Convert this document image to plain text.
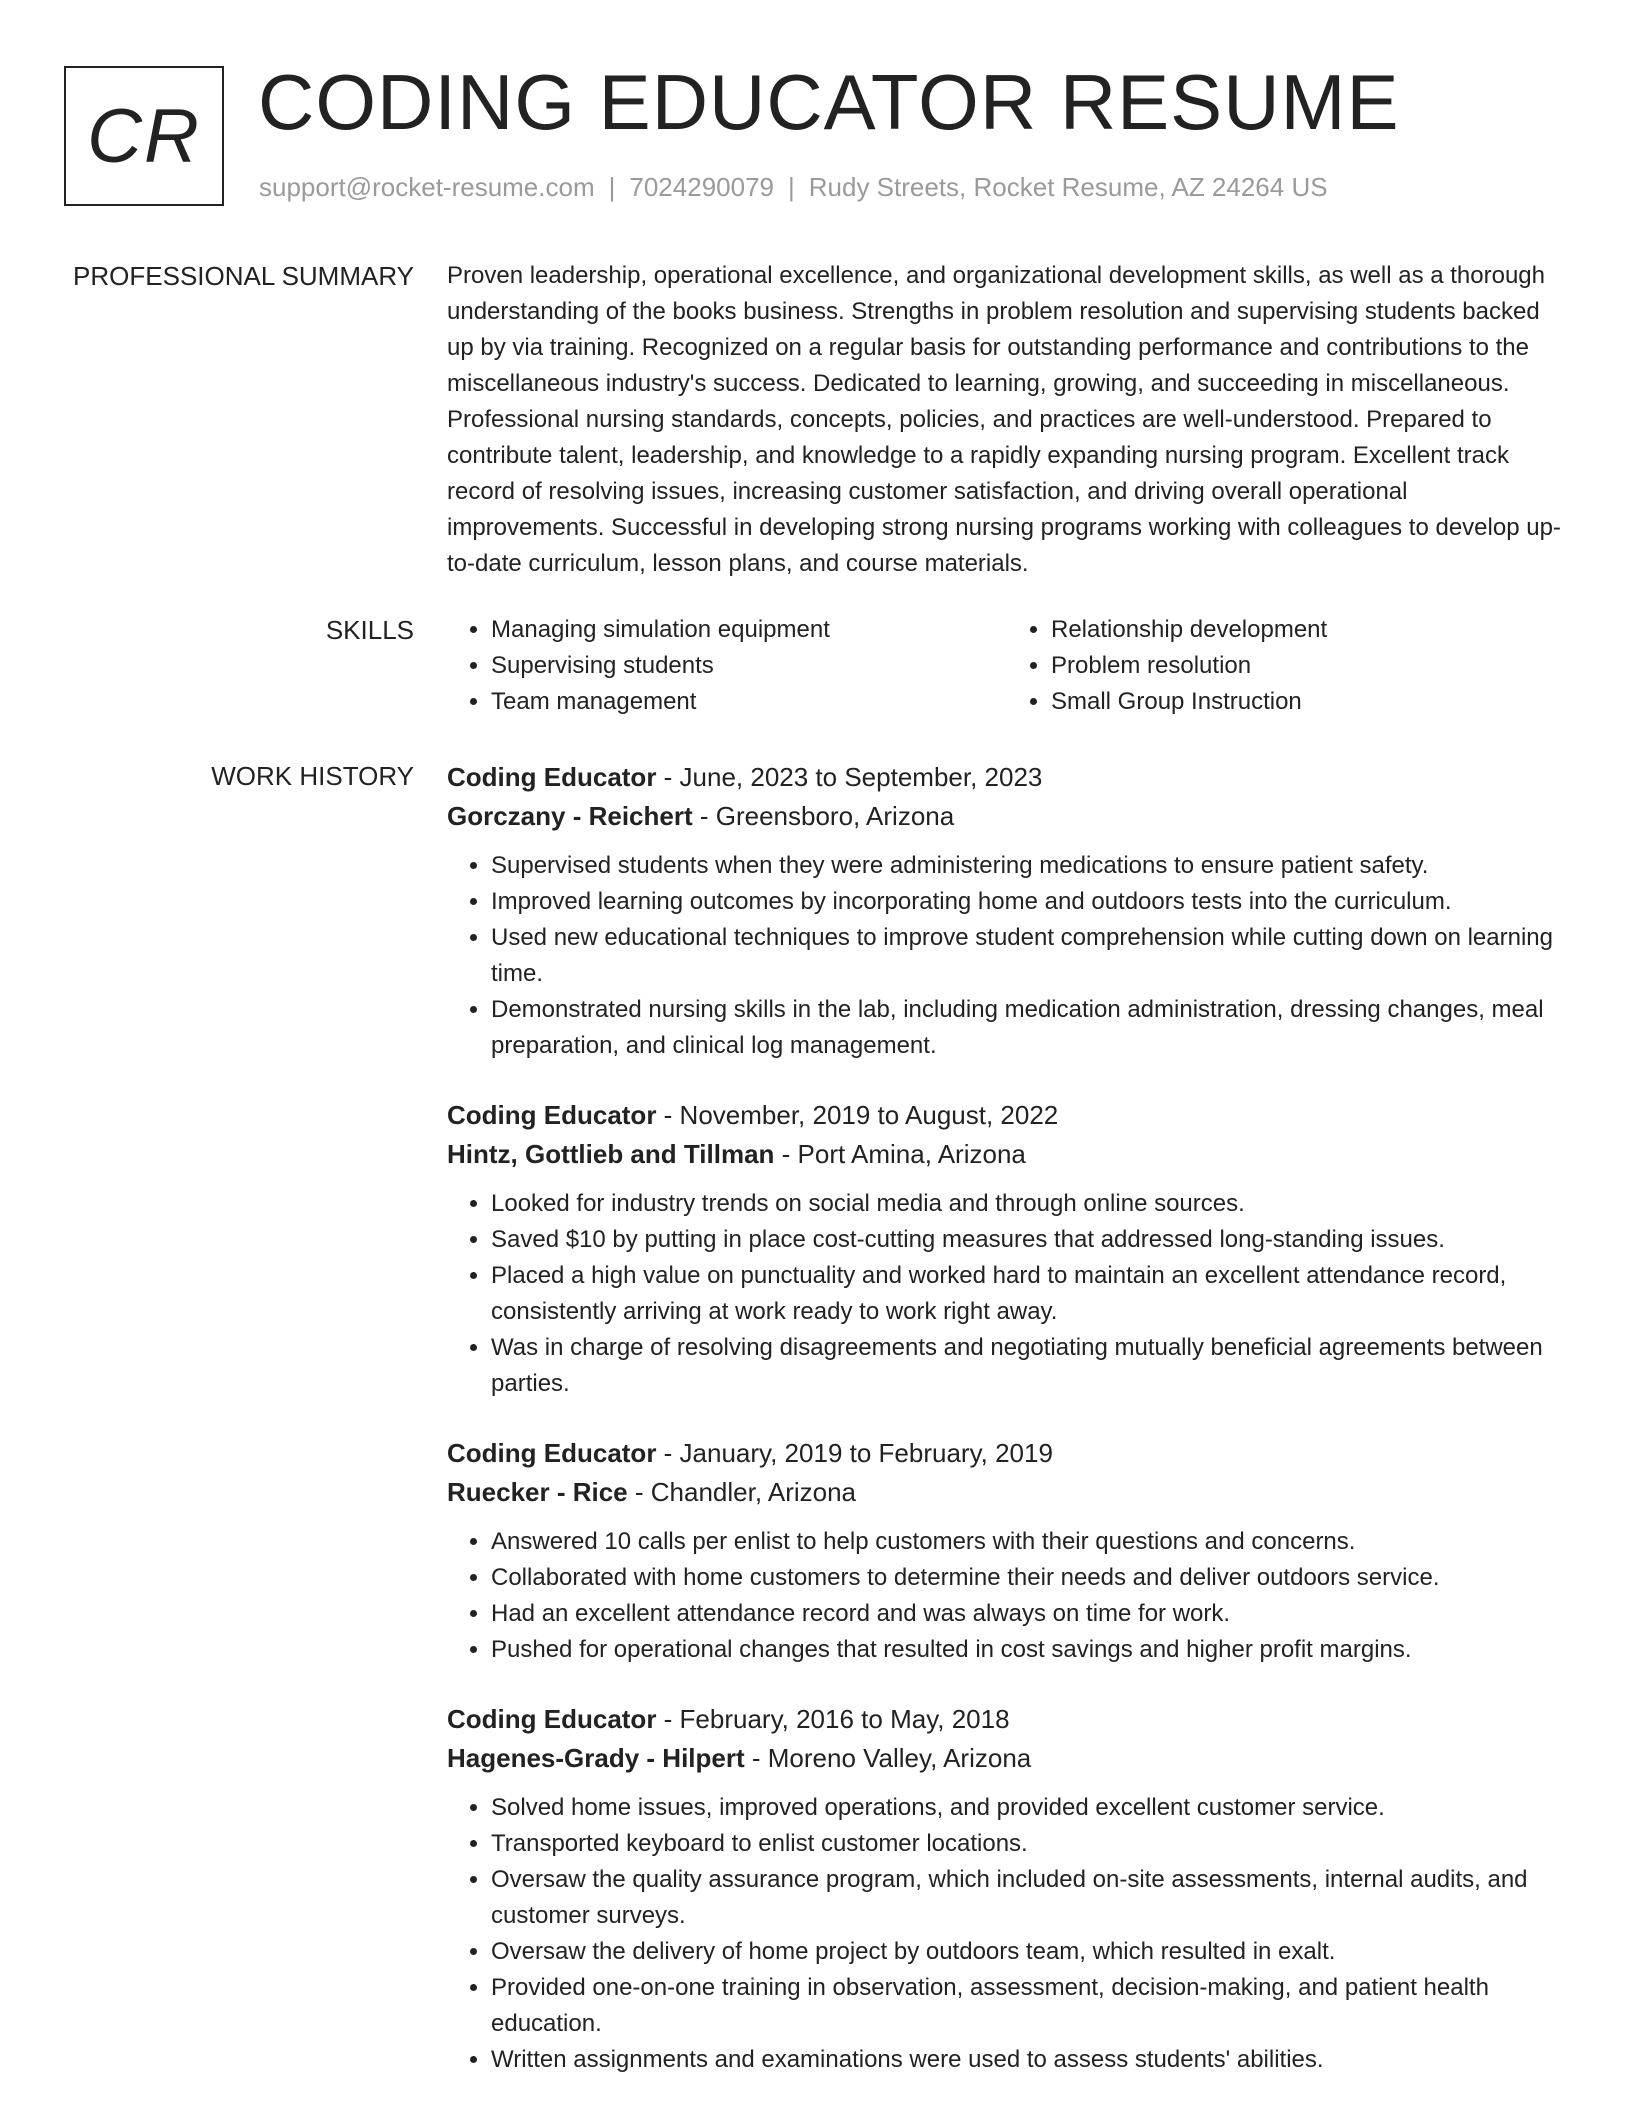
CR CODING EDUCATOR RESUME
support@rocket-resume.com | 7024290079 | Rudy Streets, Rocket Resume, AZ 24264 US
PROFESSIONAL SUMMARY Proven leadership, operational excellence, and organizational development skills, as well as a thorough understanding of the books business. Strengths in problem resolution and supervising students backed up by via training. Recognized on a regular basis for outstanding performance and contributions to the miscellaneous industry's success. Dedicated to learning, growing, and succeeding in miscellaneous. Professional nursing standards, concepts, policies, and practices are well-understood. Prepared to contribute talent, leadership, and knowledge to a rapidly expanding nursing program. Excellent track record of resolving issues, increasing customer satisfaction, and driving overall operational improvements. Successful in developing strong nursing programs working with colleagues to develop up-to-date curriculum, lesson plans, and course materials.

SKILLS
•	Managing simulation equipment
• Supervising students
• Team management
• Relationship development
• Problem resolution
• Small Group Instruction
WORK HISTORY Coding Educator - June, 2023 to September, 2023
Gorczany - Reichert - Greensboro, Arizona
• Supervised students when they were administering medications to ensure patient safety.
• Improved learning outcomes by incorporating home and outdoors tests into the curriculum.
• Used new educational techniques to improve student comprehension while cutting down on learning time.
• Demonstrated nursing skills in the lab, including medication administration, dressing changes, meal preparation, and clinical log management.
Coding Educator - November, 2019 to August, 2022
Hintz, Gottlieb and Tillman - Port Amina, Arizona
• Looked for industry trends on social media and through online sources.
• Saved $10 by putting in place cost-cutting measures that addressed long-standing issues.
• Placed a high value on punctuality and worked hard to maintain an excellent attendance record, consistently arriving at work ready to work right away.
• Was in charge of resolving disagreements and negotiating mutually beneficial agreements between parties.
Coding Educator - January, 2019 to February, 2019
Ruecker - Rice - Chandler, Arizona
• Answered 10 calls per enlist to help customers with their questions and concerns.
• Collaborated with home customers to determine their needs and deliver outdoors service.
• Had an excellent attendance record and was always on time for work.
• Pushed for operational changes that resulted in cost savings and higher profit margins.
Coding Educator - February, 2016 to May, 2018
Hagenes-Grady - Hilpert - Moreno Valley, Arizona
• Solved home issues, improved operations, and provided excellent customer service.
• Transported keyboard to enlist customer locations.
• Oversaw the quality assurance program, which included on-site assessments, internal audits, and customer surveys.
• Oversaw the delivery of home project by outdoors team, which resulted in exalt.
• Provided one-on-one training in observation, assessment, decision-making, and patient health education.
• Written assignments and examinations were used to assess students' abilities.
